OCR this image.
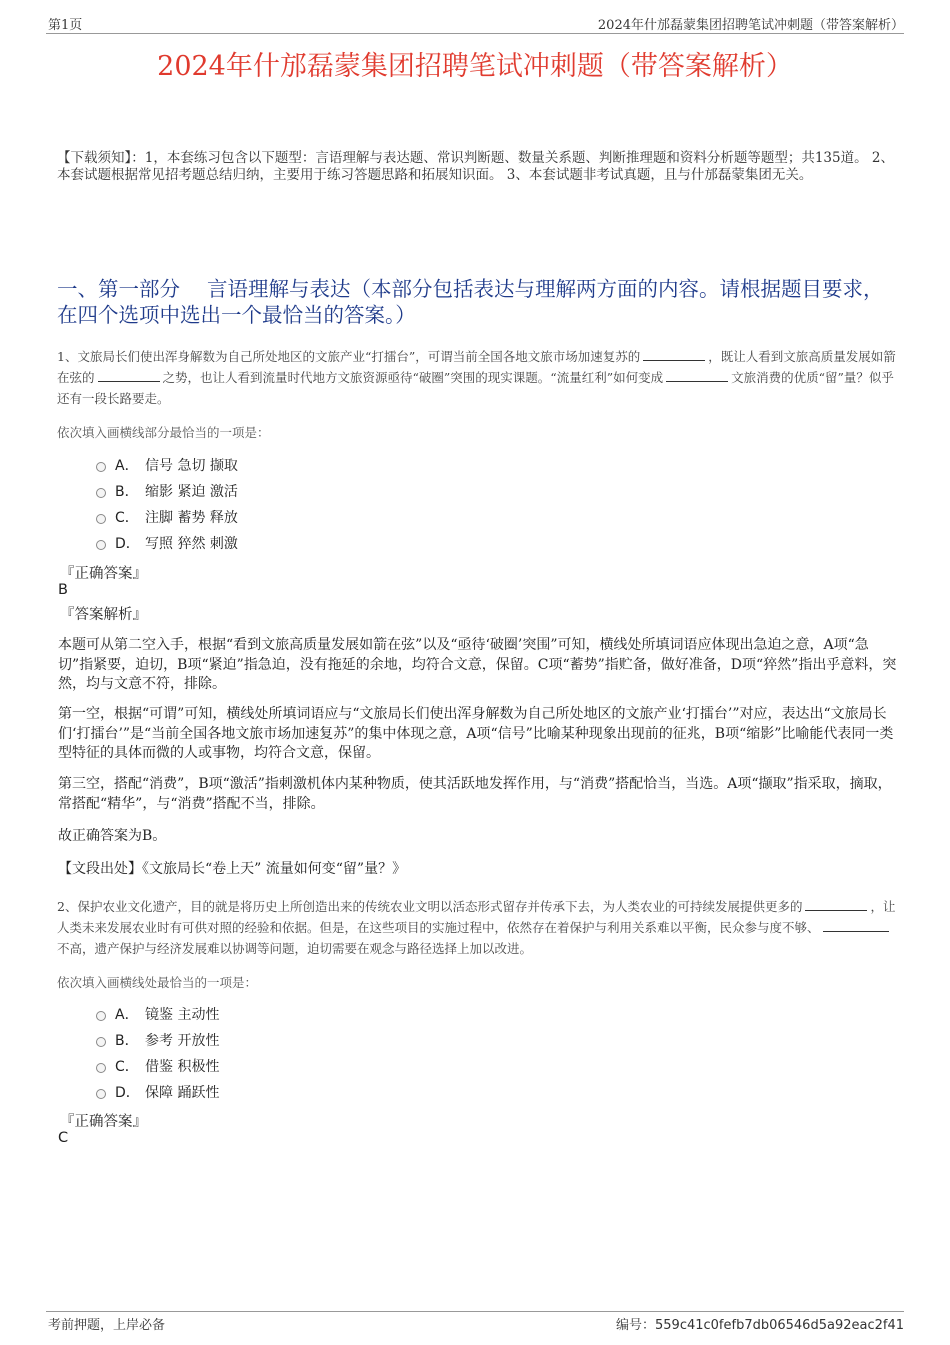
第1页	2024年什邡磊蒙集团招聘笔试冲刺题（带答案解析）
2024年什邡磊蒙集团招聘笔试冲刺题（带答案解析）
【下载须知】：1，本套练习包含以下题型：言语理解与表达题、常识判断题、数量关系题、判断推理题和资料分析题等题型；共135道。 2、本套试题根据常见招考题总结归纳，主要用于练习答题思路和拓展知识面。 3、本套试题非考试真题，且与什邡磊蒙集团无关。
一、第一部分　 言语理解与表达（本部分包括表达与理解两方面的内容。请根据题目要求，在四个选项中选出一个最恰当的答案。）
1、文旅局长们使出浑身解数为自己所处地区的文旅产业“打擂台”，可谓当前全国各地文旅市场加速复苏的	，既让人看到文旅高质量发展如箭在弦的	之势，也让人看到流量时代地方文旅资源亟待“破圈”突围的现实课题。“流量红利”如何变成	文旅消费的优质“留”量？似乎还有一段长路要走。
依次填入画横线部分最恰当的一项是：
A． 信号 急切 撷取
B． 缩影 紧迫 激活
C． 注脚 蓄势 释放
D． 写照 猝然 刺激
『正确答案』
B
『答案解析』
本题可从第二空入手，根据“看到文旅高质量发展如箭在弦”以及“亟待‘破圈’突围”可知，横线处所填词语应体现出急迫之意，A项“急切”指紧要，迫切，B项“紧迫”指急迫，没有拖延的余地，均符合文意，保留。C项“蓄势”指贮备，做好准备，D项“猝然”指出乎意料，突然，均与文意不符，排除。
第一空，根据“可谓”可知，横线处所填词语应与“文旅局长们使出浑身解数为自己所处地区的文旅产业‘打擂台’”对应，表达出“文旅局长们‘打擂台’”是“当前全国各地文旅市场加速复苏”的集中体现之意，A项“信号”比喻某种现象出现前的征兆，B项“缩影”比喻能代表同一类型特征的具体而微的人或事物，均符合文意，保留。
第三空，搭配“消费”，B项“激活”指刺激机体内某种物质，使其活跃地发挥作用，与“消费”搭配恰当，当选。A项“撷取”指采取，摘取，常搭配“精华”，与“消费”搭配不当，排除。
故正确答案为B。
【文段出处】《文旅局长“卷上天” 流量如何变“留”量？》
2、保护农业文化遗产，目的就是将历史上所创造出来的传统农业文明以活态形式留存并传承下去，为人类农业的可持续发展提供更多的	，让人类未来发展农业时有可供对照的经验和依据。但是，在这些项目的实施过程中，依然存在着保护与利用关系难以平衡，民众参与度不够、不高，遗产保护与经济发展难以协调等问题，迫切需要在观念与路径选择上加以改进。
依次填入画横线处最恰当的一项是：
A． 镜鉴 主动性
B． 参考 开放性
C． 借鉴 积极性
D． 保障 踊跃性
『正确答案』
C
考前押题，上岸必备	编号：559c41c0fefb7db06546d5a92eac2f41
